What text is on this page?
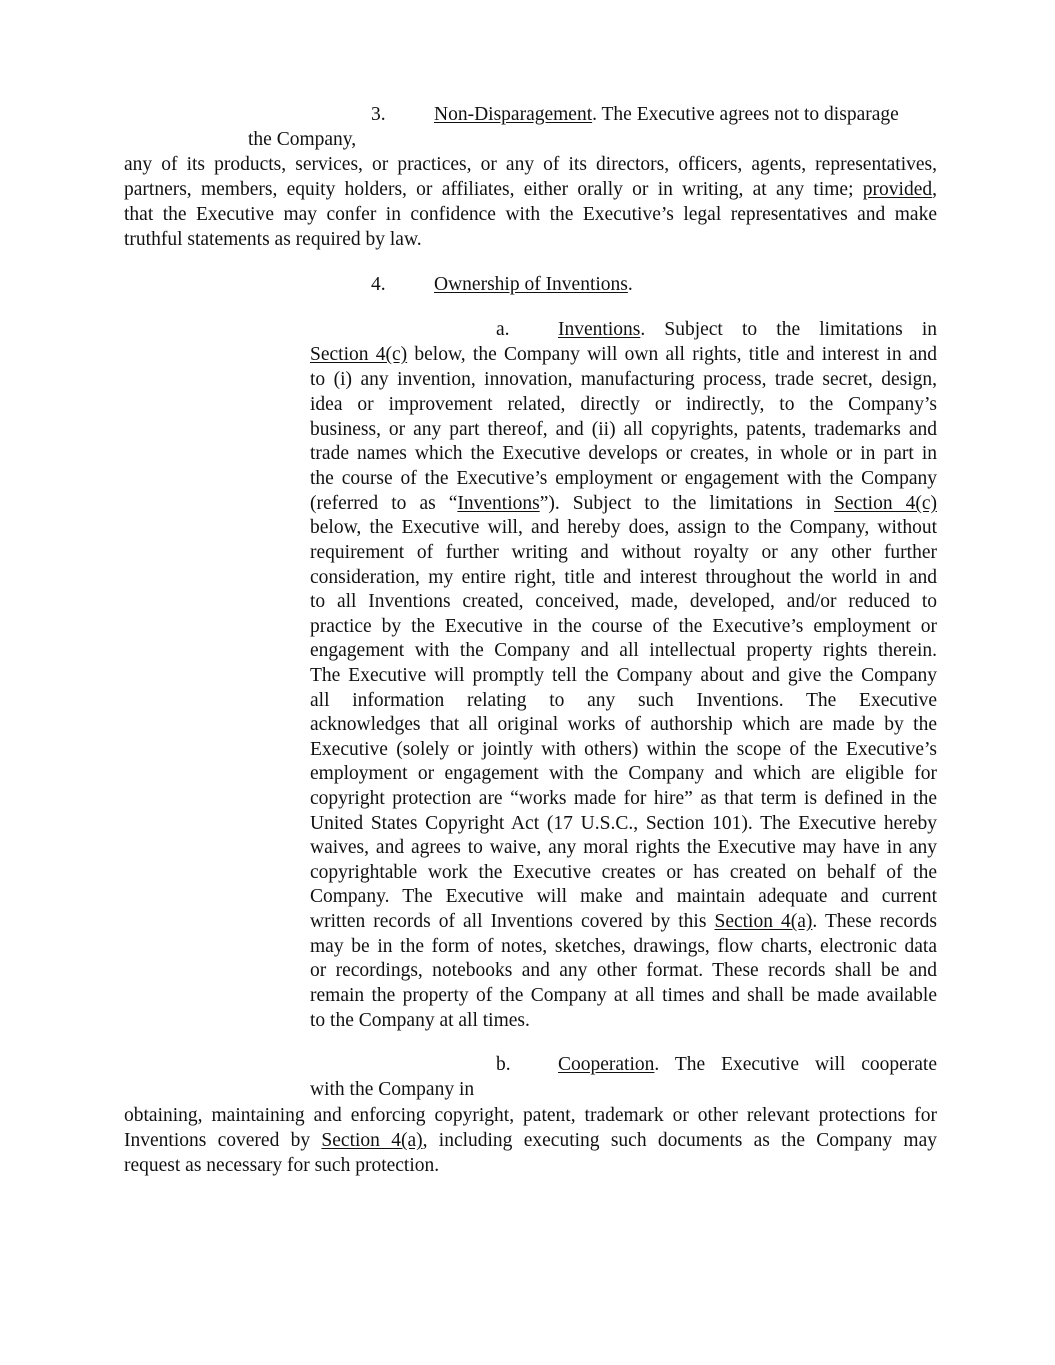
3. Non-Disparagement. The Executive agrees not to disparage
the Company,
any of its products, services, or practices, or any of its directors, officers, agents, representatives,
partners, members, equity holders, or affiliates, either orally or in writing, at any time; provided,
that the Executive may confer in confidence with the Executive’s legal representatives and make
truthful statements as required by law.
4. Ownership of Inventions.
a. Inventions. Subject to the limitations in
Section 4(c) below, the Company will own all rights, title and interest in and
to (i) any invention, innovation, manufacturing process, trade secret, design,
idea or improvement related, directly or indirectly, to the Company’s
business, or any part thereof, and (ii) all copyrights, patents, trademarks and
trade names which the Executive develops or creates, in whole or in part in
the course of the Executive’s employment or engagement with the Company
(referred to as “Inventions”). Subject to the limitations in Section 4(c)
below, the Executive will, and hereby does, assign to the Company, without
requirement of further writing and without royalty or any other further
consideration, my entire right, title and interest throughout the world in and
to all Inventions created, conceived, made, developed, and/or reduced to
practice by the Executive in the course of the Executive’s employment or
engagement with the Company and all intellectual property rights therein.
The Executive will promptly tell the Company about and give the Company
all information relating to any such Inventions. The Executive
acknowledges that all original works of authorship which are made by the
Executive (solely or jointly with others) within the scope of the Executive’s
employment or engagement with the Company and which are eligible for
copyright protection are “works made for hire” as that term is defined in the
United States Copyright Act (17 U.S.C., Section 101). The Executive hereby
waives, and agrees to waive, any moral rights the Executive may have in any
copyrightable work the Executive creates or has created on behalf of the
Company. The Executive will make and maintain adequate and current
written records of all Inventions covered by this Section 4(a). These records
may be in the form of notes, sketches, drawings, flow charts, electronic data
or recordings, notebooks and any other format. These records shall be and
remain the property of the Company at all times and shall be made available
to the Company at all times.
b. Cooperation. The Executive will cooperate
with the Company in
obtaining, maintaining and enforcing copyright, patent, trademark or other relevant protections for
Inventions covered by Section 4(a), including executing such documents as the Company may
request as necessary for such protection.
